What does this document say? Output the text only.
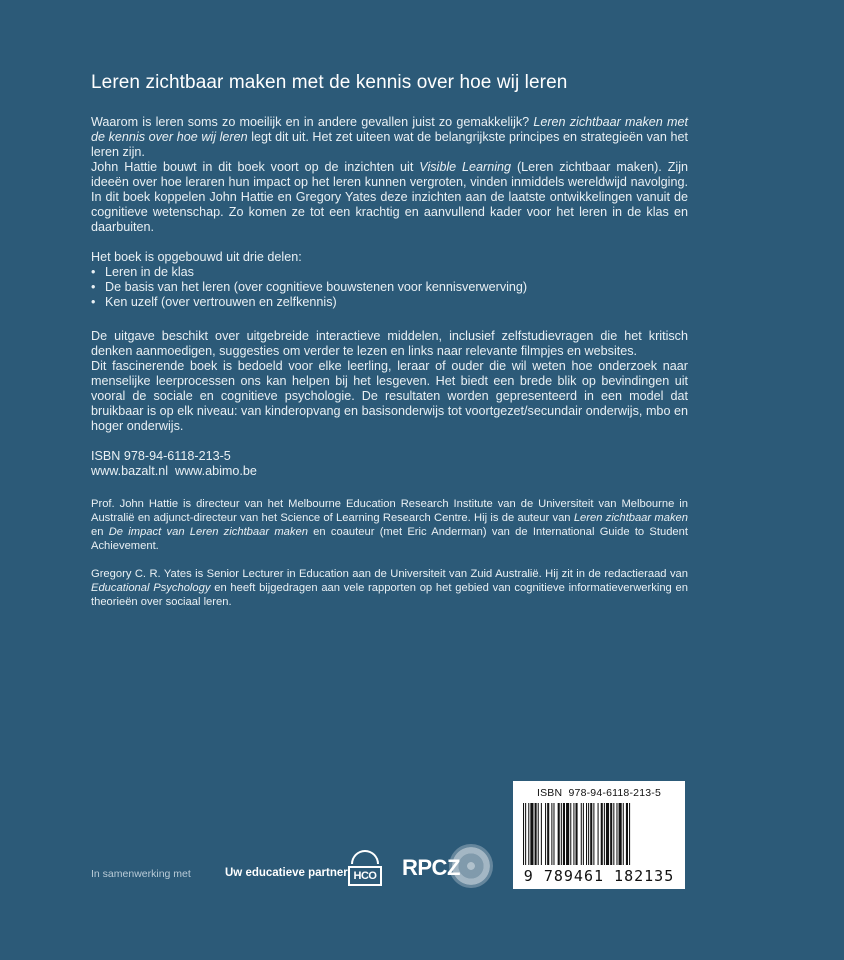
Leren zichtbaar maken met de kennis over hoe wij leren

Waarom is leren soms zo moeilijk en in andere gevallen juist zo gemakkelijk? Leren zichtbaar maken met de kennis over hoe wij leren legt dit uit. Het zet uiteen wat de belangrijkste principes en strategieën van het leren zijn.

John Hattie bouwt in dit boek voort op de inzichten uit Visible Learning (Leren zichtbaar maken). Zijn ideeën over hoe leraren hun impact op het leren kunnen vergroten, vinden inmiddels wereldwijd navolging. In dit boek koppelen John Hattie en Gregory Yates deze inzichten aan de laatste ontwikkelingen vanuit de cognitieve wetenschap. Zo komen ze tot een krachtig en aanvullend kader voor het leren in de klas en daarbuiten.

Het boek is opgebouwd uit drie delen:

• Leren in de klas
• De basis van het leren (over cognitieve bouwstenen voor kennisverwerving)
• Ken uzelf (over vertrouwen en zelfkennis)

De uitgave beschikt over uitgebreide interactieve middelen, inclusief zelfstudievragen die het kritisch denken aanmoedigen, suggesties om verder te lezen en links naar relevante filmpjes en websites.

Dit fascinerende boek is bedoeld voor elke leerling, leraar of ouder die wil weten hoe onderzoek naar menselijke leerprocessen ons kan helpen bij het lesgeven. Het biedt een brede blik op bevindingen uit vooral de sociale en cognitieve psychologie. De resultaten worden gepresenteerd in een model dat bruikbaar is op elk niveau: van kinderopvang en basisonderwijs tot voortgezet/secundair onderwijs, mbo en hoger onderwijs.

ISBN 978-94-6118-213-5

www.bazalt.nl  www.abimo.be

Prof. John Hattie is directeur van het Melbourne Education Research Institute van de Universiteit van Melbourne in Australië en adjunct-directeur van het Science of Learning Research Centre. Hij is de auteur van Leren zichtbaar maken en De impact van Leren zichtbaar maken en coauteur (met Eric Anderman) van de International Guide to Student Achievement.

Gregory C. R. Yates is Senior Lecturer in Education aan de Universiteit van Zuid Australië. Hij zit in de redactieraad van Educational Psychology en heeft bijgedragen aan vele rapporten op het gebied van cognitieve informatieverwerking en theorieën over sociaal leren.

In samenwerking met	Uw educatieve partner HCO RPCZ
ISBN  978-94-6118-213-5
9 789461 182135
